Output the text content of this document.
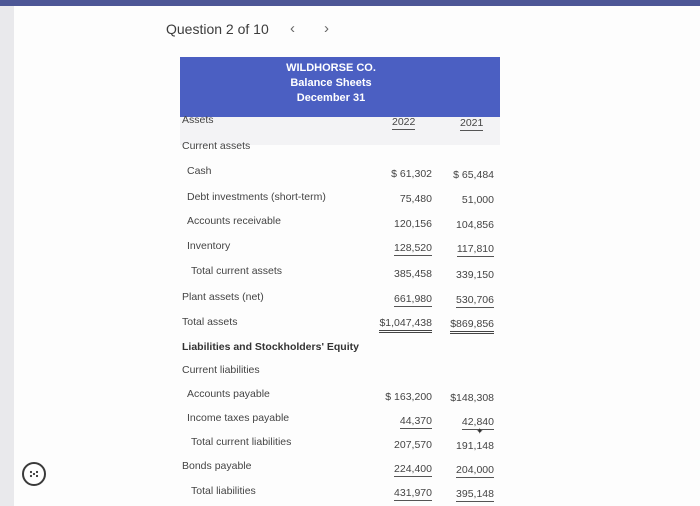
Question 2 of 10 ‹ ›
WILDHORSE CO.
Balance Sheets
December 31
Assets	2022	2021
Current assets
Cash
Debt investments (short-term)
Accounts receivable
Inventory
Total current assets
Plant assets (net)
Total assets
Liabilities and Stockholders' Equity
Current liabilities
Accounts payable
Income taxes payable
Total current liabilities
Bonds payable
Total liabilities
$ 61,302
75,480
120,156
128,520
385,458
661,980
$1,047,438
$ 163,200
44,370
207,570
224,400
431,970
$ 65,484
51,000
104,856
117,810
339,150
530,706
$869,856
$148,308
42,840
191,148
204,000
395,148
✦
